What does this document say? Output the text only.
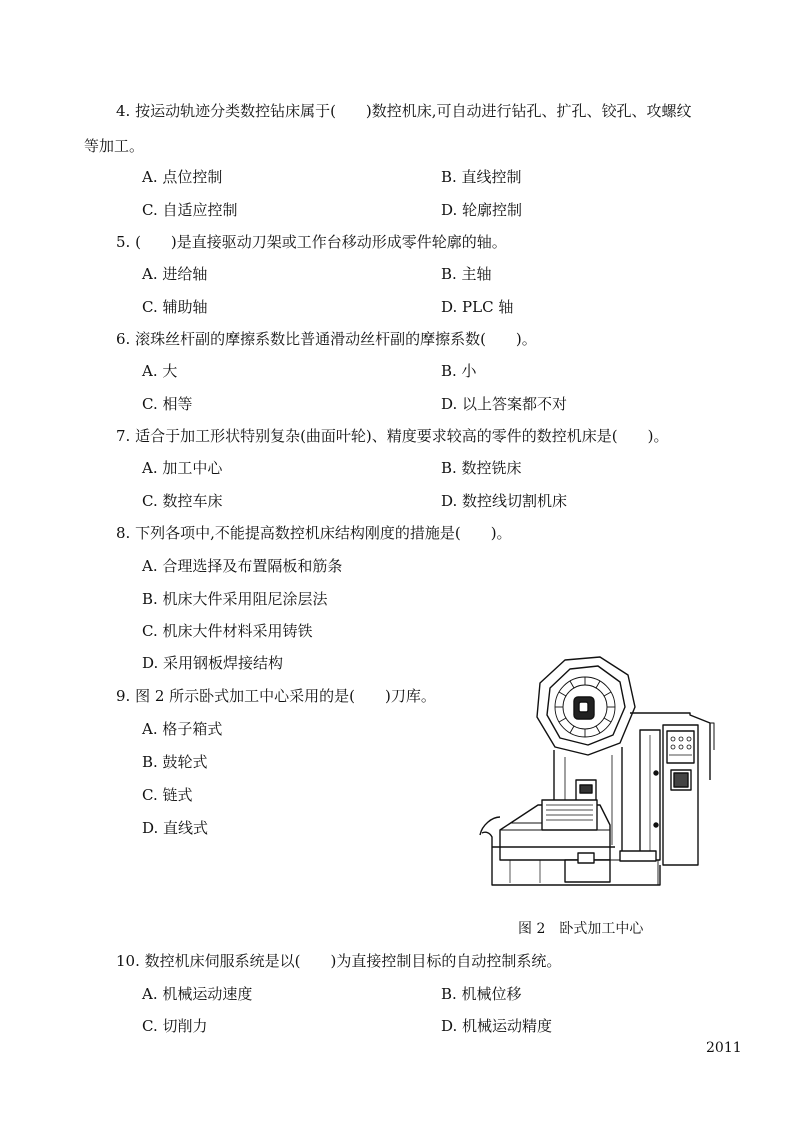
4. 按运动轨迹分类数控钻床属于(　　)数控机床,可自动进行钻孔、扩孔、铰孔、攻螺纹
等加工。
A. 点位控制	B. 直线控制
C. 自适应控制	D. 轮廓控制
5. (　　)是直接驱动刀架或工作台移动形成零件轮廓的轴。
A. 进给轴	B. 主轴
C. 辅助轴	D. PLC 轴
6. 滚珠丝杆副的摩擦系数比普通滑动丝杆副的摩擦系数(　　)。
A. 大	B. 小
C. 相等	D. 以上答案都不对
7. 适合于加工形状特别复杂(曲面叶轮)、精度要求较高的零件的数控机床是(　　)。
A. 加工中心	B. 数控铣床
C. 数控车床	D. 数控线切割机床
8. 下列各项中,不能提高数控机床结构刚度的措施是(　　)。
A. 合理选择及布置隔板和筋条
B. 机床大件采用阻尼涂层法
C. 机床大件材料采用铸铁
D. 采用钢板焊接结构
9. 图 2 所示卧式加工中心采用的是(　　)刀库。
A. 格子箱式
B. 鼓轮式
C. 链式
D. 直线式
图 2　卧式加工中心
10. 数控机床伺服系统是以(　　)为直接控制目标的自动控制系统。
A. 机械运动速度	B. 机械位移
C. 切削力	D. 机械运动精度
2011
